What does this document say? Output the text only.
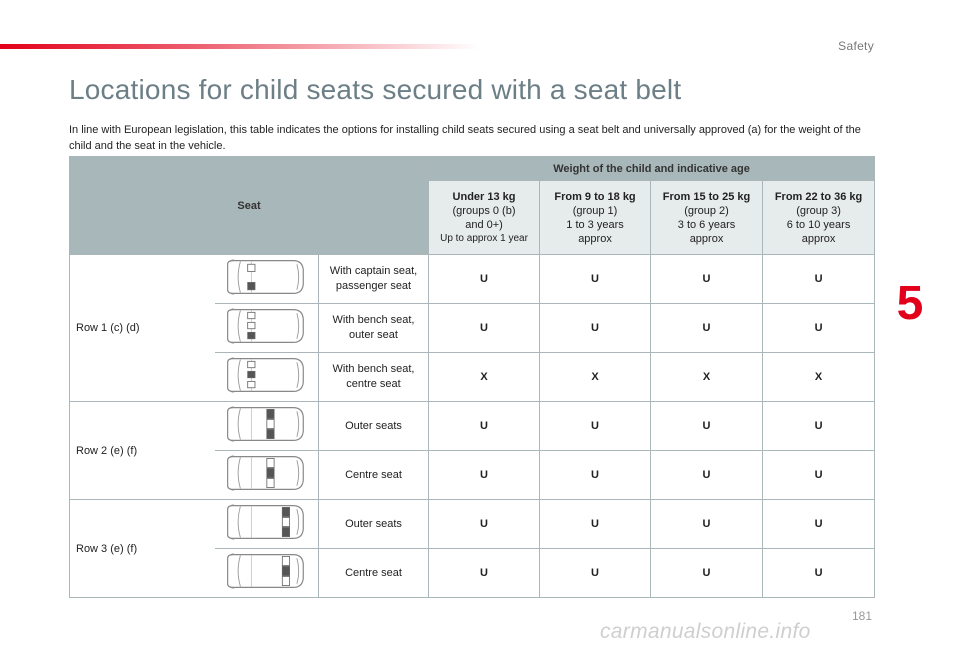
Safety
5
Locations for child seats secured with a seat belt

In line with European legislation, this table indicates the options for installing child seats secured using a seat belt and universally approved (a) for the weight of the child and the seat in the vehicle.

Seat			Weight of the child and indicative age			

			Under 13 kg
(groups 0 (b)
and 0+)
Up to approx 1 year	From 9 to 18 kg
(group 1)
1 to 3 years
approx	From 15 to 25 kg
(group 2)
3 to 6 years
approx	From 22 to 36 kg
(group 3)
6 to 10 years
approx

Row 1 (c) (d)		With captain seat,
passenger seat	U	U	U	U

With bench seat,
outer seat	U	U	U	U

With bench seat,
centre seat	X	X	X	X
Row 2 (e) (f)		Outer seats	U	U	U	U

Centre seat	U	U	U	U
Row 3 (e) (f)		Outer seats	U	U	U	U

Centre seat	U	U	U	U
181
carmanualsonline.info
